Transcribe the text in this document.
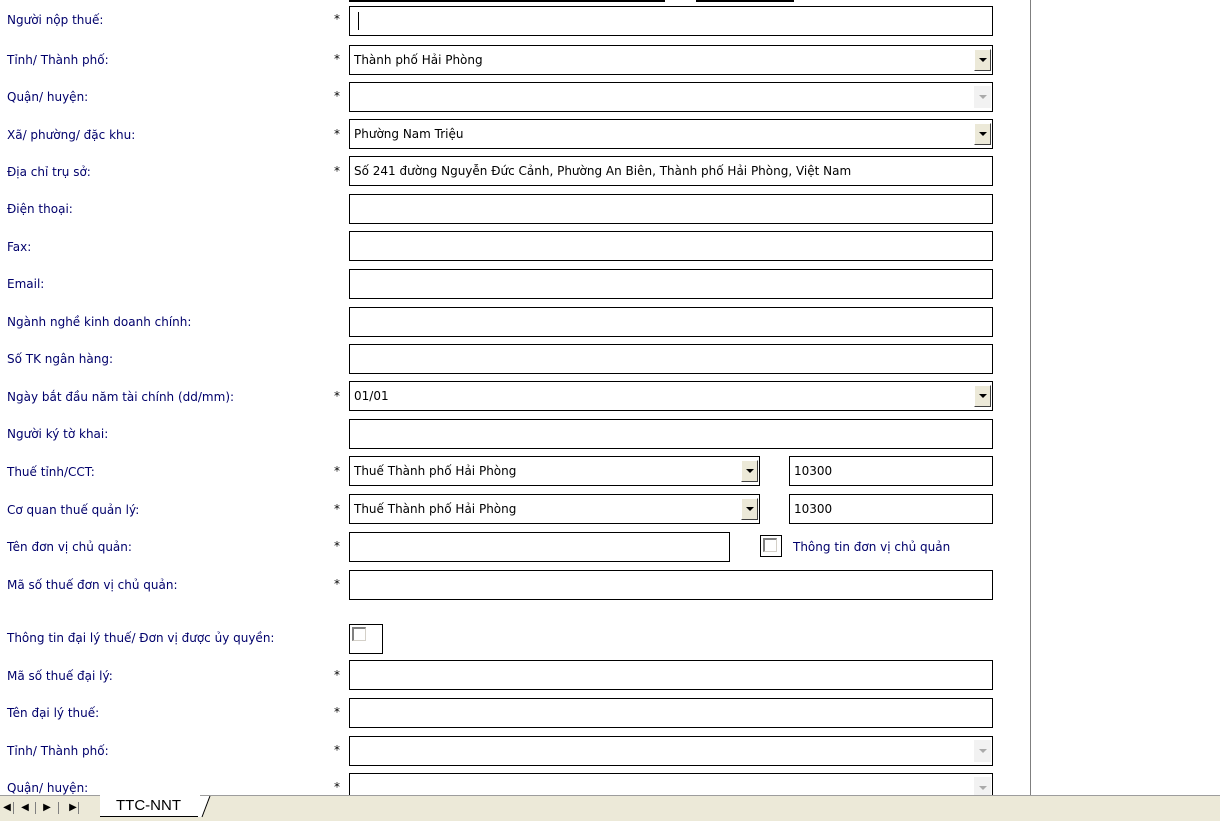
Người nộp thuế:	*
Tỉnh/ Thành phố:	* Thành phố Hải Phòng
Quận/ huyện:	*
Xã/ phường/ đặc khu:	* Phường Nam Triệu
Địa chỉ trụ sở:	*	Số 241 đường Nguyễn Đức Cảnh, Phường An Biên, Thành phố Hải Phòng, Việt Nam
Điện thoại:
Fax:
Email:
Ngành nghề kinh doanh chính:
Số TK ngân hàng:
Ngày bắt đầu năm tài chính (dd/mm):	* 01/01
Người ký tờ khai:
Thuế tỉnh/CCT:	* Thuế Thành phố Hải Phòng	10300
Cơ quan thuế quản lý:	* Thuế Thành phố Hải Phòng	10300
Tên đơn vị chủ quản:	*	Thông tin đơn vị chủ quản
Mã số thuế đơn vị chủ quản:	*
Thông tin đại lý thuế/ Đơn vị được ủy quyền:
Mã số thuế đại lý:	*
Tên đại lý thuế:	*
Tỉnh/ Thành phố:	*
Quận/ huyện:	*
◀	◀	▶	▶​	TTC-NNT
